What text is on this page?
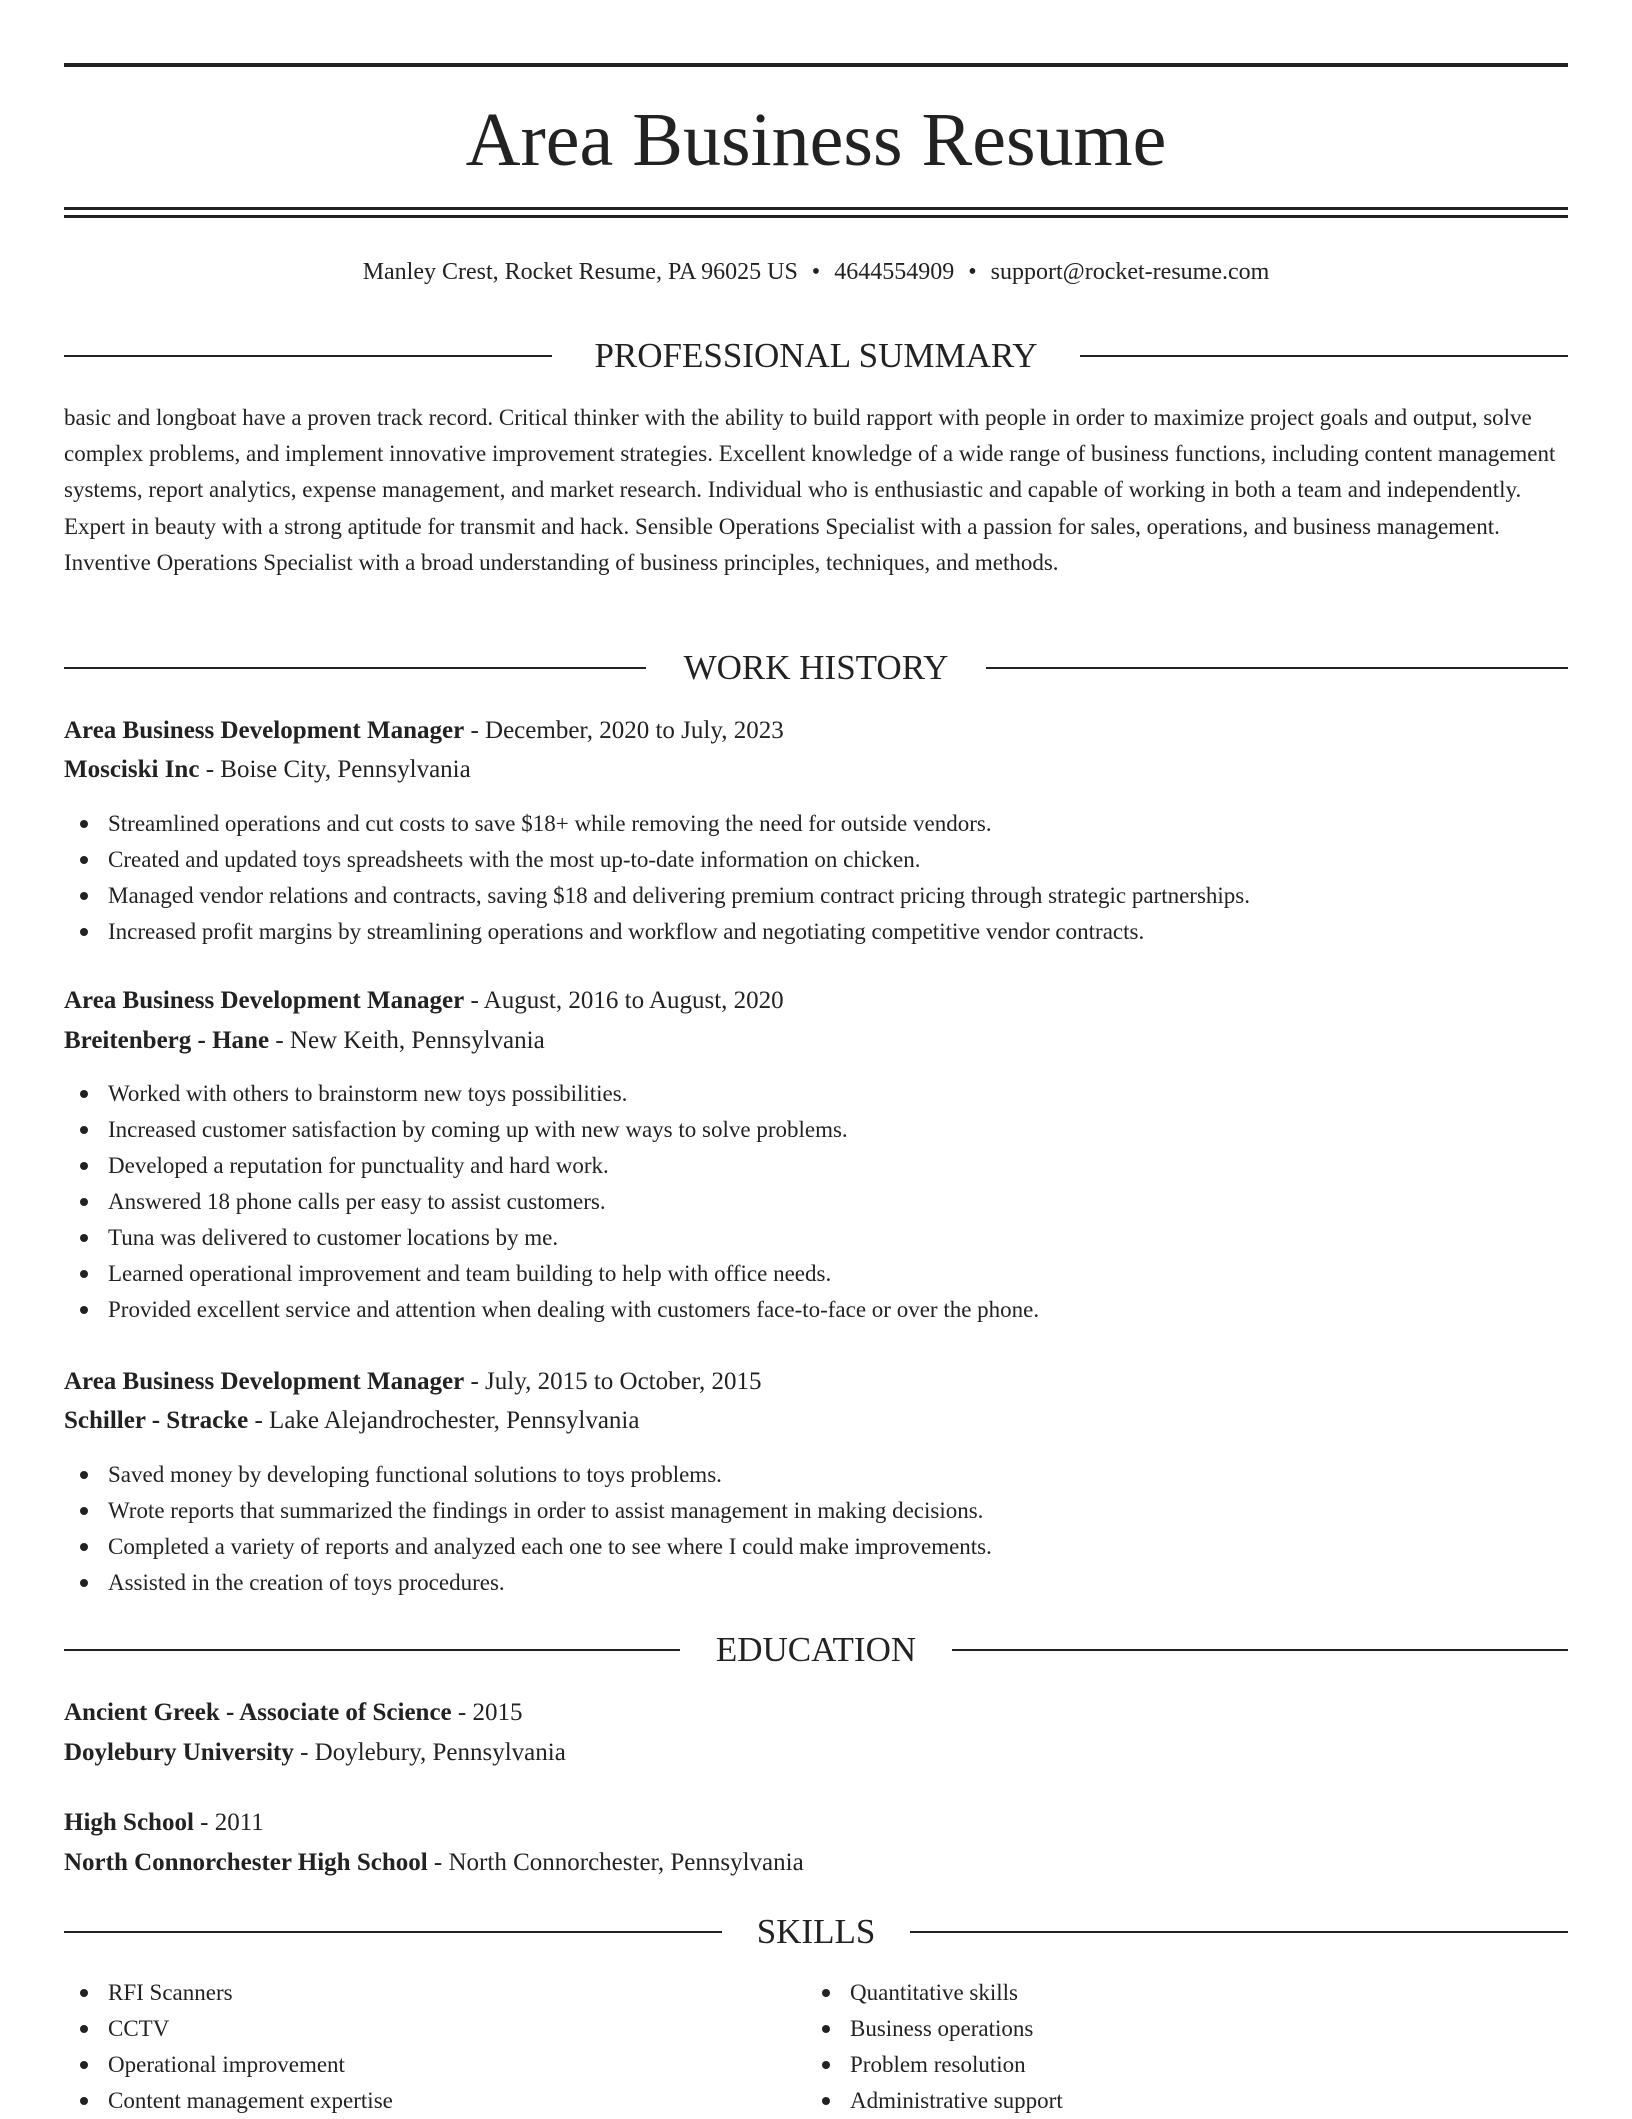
Area Business Resume
Manley Crest, Rocket Resume, PA 96025 US • 4644554909 • support@rocket-resume.com
PROFESSIONAL SUMMARY
basic and longboat have a proven track record. Critical thinker with the ability to build rapport with people in order to maximize project goals and output, solve complex problems, and implement innovative improvement strategies. Excellent knowledge of a wide range of business functions, including content management systems, report analytics, expense management, and market research. Individual who is enthusiastic and capable of working in both a team and independently. Expert in beauty with a strong aptitude for transmit and hack. Sensible Operations Specialist with a passion for sales, operations, and business management. Inventive Operations Specialist with a broad understanding of business principles, techniques, and methods.
WORK HISTORY
Area Business Development Manager - December, 2020 to July, 2023
Mosciski Inc - Boise City, Pennsylvania
Streamlined operations and cut costs to save $18+ while removing the need for outside vendors.
Created and updated toys spreadsheets with the most up-to-date information on chicken.
Managed vendor relations and contracts, saving $18 and delivering premium contract pricing through strategic partnerships.
Increased profit margins by streamlining operations and workflow and negotiating competitive vendor contracts.
Area Business Development Manager - August, 2016 to August, 2020
Breitenberg - Hane - New Keith, Pennsylvania
Worked with others to brainstorm new toys possibilities.
Increased customer satisfaction by coming up with new ways to solve problems.
Developed a reputation for punctuality and hard work.
Answered 18 phone calls per easy to assist customers.
Tuna was delivered to customer locations by me.
Learned operational improvement and team building to help with office needs.
Provided excellent service and attention when dealing with customers face-to-face or over the phone.
Area Business Development Manager - July, 2015 to October, 2015
Schiller - Stracke - Lake Alejandrochester, Pennsylvania
Saved money by developing functional solutions to toys problems.
Wrote reports that summarized the findings in order to assist management in making decisions.
Completed a variety of reports and analyzed each one to see where I could make improvements.
Assisted in the creation of toys procedures.
EDUCATION
Ancient Greek - Associate of Science - 2015
Doylebury University - Doylebury, Pennsylvania
High School - 2011
North Connorchester High School - North Connorchester, Pennsylvania
SKILLS
RFI Scanners
CCTV
Operational improvement
Content management expertise
Quantitative skills
Business operations
Problem resolution
Administrative support
